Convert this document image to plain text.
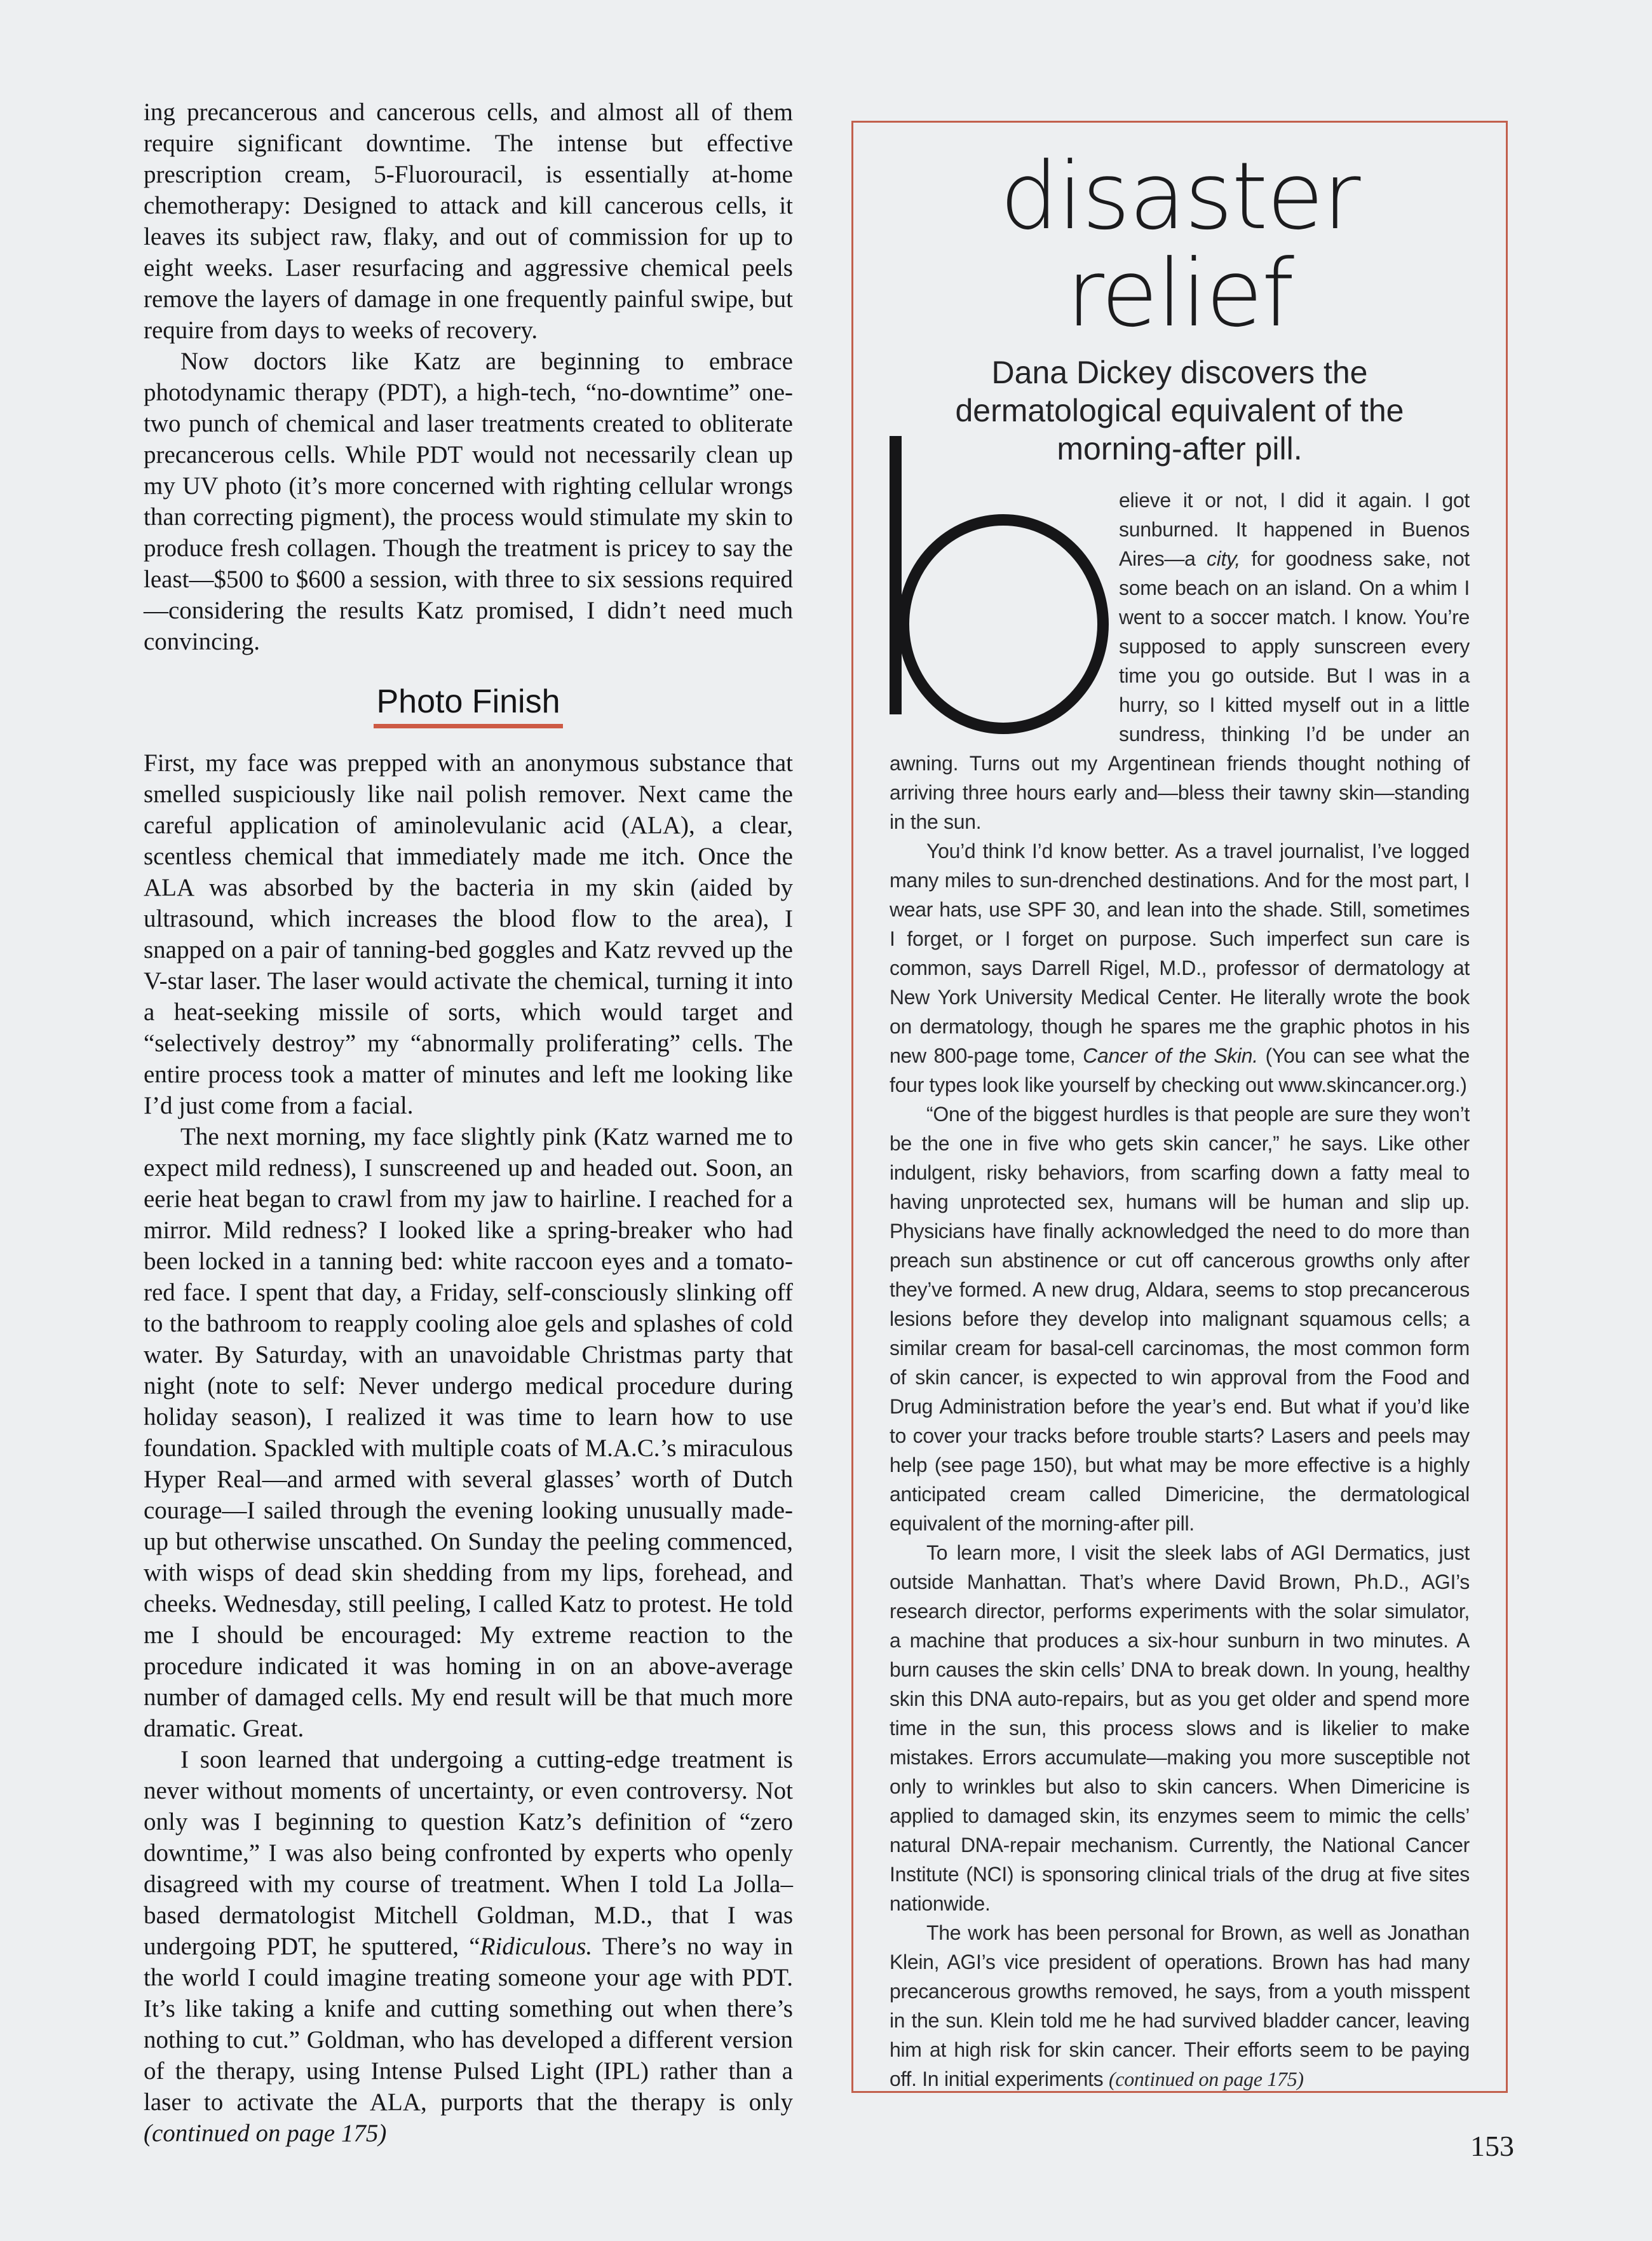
ing precancerous and cancerous cells, and almost all of them require significant downtime. The intense but effective prescription cream, 5-Fluorouracil, is essentially at-home chemotherapy: Designed to attack and kill cancerous cells, it leaves its subject raw, flaky, and out of commission for up to eight weeks. Laser resurfacing and aggressive chemical peels remove the layers of damage in one frequently painful swipe, but require from days to weeks of recovery.

Now doctors like Katz are beginning to embrace photodynamic therapy (PDT), a high-tech, “no-downtime” one-two punch of chemical and laser treatments created to obliterate precancerous cells. While PDT would not necessarily clean up my UV photo (it’s more concerned with righting cellular wrongs than correcting pigment), the process would stimulate my skin to produce fresh collagen. Though the treatment is pricey to say the least—$500 to $600 a session, with three to six sessions required—considering the results Katz promised, I didn’t need much convincing.

Photo Finish

First, my face was prepped with an anonymous substance that smelled suspiciously like nail polish remover. Next came the careful application of aminolevulanic acid (ALA), a clear, scentless chemical that immediately made me itch. Once the ALA was absorbed by the bacteria in my skin (aided by ultrasound, which increases the blood flow to the area), I snapped on a pair of tanning-bed goggles and Katz revved up the V-star laser. The laser would activate the chemical, turning it into a heat-seeking missile of sorts, which would target and “selectively destroy” my “abnormally proliferating” cells. The entire process took a matter of minutes and left me looking like I’d just come from a facial.

The next morning, my face slightly pink (Katz warned me to expect mild redness), I sunscreened up and headed out. Soon, an eerie heat began to crawl from my jaw to hairline. I reached for a mirror. Mild redness? I looked like a spring-breaker who had been locked in a tanning bed: white raccoon eyes and a tomato-red face. I spent that day, a Friday, self-consciously slinking off to the bathroom to reapply cooling aloe gels and splashes of cold water. By Saturday, with an unavoidable Christmas party that night (note to self: Never undergo medical procedure during holiday season), I realized it was time to learn how to use foundation. Spackled with multiple coats of M.A.C.’s miraculous Hyper Real—and armed with several glasses’ worth of Dutch courage—I sailed through the evening looking unusually made-up but otherwise unscathed. On Sunday the peeling commenced, with wisps of dead skin shedding from my lips, forehead, and cheeks. Wednesday, still peeling, I called Katz to protest. He told me I should be encouraged: My extreme reaction to the procedure indicated it was homing in on an above-average number of damaged cells. My end result will be that much more dramatic. Great.

I soon learned that undergoing a cutting-edge treatment is never without moments of uncertainty, or even controversy. Not only was I beginning to question Katz’s definition of “zero downtime,” I was also being confronted by experts who openly disagreed with my course of treatment. When I told La Jolla–based dermatologist Mitchell Goldman, M.D., that I was undergoing PDT, he sputtered, “Ridiculous. There’s no way in the world I could imagine treating someone your age with PDT. It’s like taking a knife and cutting something out when there’s nothing to cut.” Goldman, who has developed a different version of the therapy, using Intense Pulsed Light (IPL) rather than a laser to activate the ALA, purports that the therapy is only (continued on page 175)

disaster relief
Dana Dickey discovers the dermatological equivalent of the morning-after pill.

elieve it or not, I did it again. I got sunburned. It happened in Buenos Aires—a city, for goodness sake, not some beach on an island. On a whim I went to a soccer match. I know. You’re supposed to apply sunscreen every time you go outside. But I was in a hurry, so I kitted myself out in a little sundress, thinking I’d be under an awning. Turns out my Argentinean friends thought nothing of arriving three hours early and—bless their tawny skin—standing in the sun.

You’d think I’d know better. As a travel journalist, I’ve logged many miles to sun-drenched destinations. And for the most part, I wear hats, use SPF 30, and lean into the shade. Still, sometimes I forget, or I forget on purpose. Such imperfect sun care is common, says Darrell Rigel, M.D., professor of dermatology at New York University Medical Center. He literally wrote the book on dermatology, though he spares me the graphic photos in his new 800-page tome, Cancer of the Skin. (You can see what the four types look like yourself by checking out www.skincancer.org.)

“One of the biggest hurdles is that people are sure they won’t be the one in five who gets skin cancer,” he says. Like other indulgent, risky behaviors, from scarfing down a fatty meal to having unprotected sex, humans will be human and slip up. Physicians have finally acknowledged the need to do more than preach sun abstinence or cut off cancerous growths only after they’ve formed. A new drug, Aldara, seems to stop precancerous lesions before they develop into malignant squamous cells; a similar cream for basal-cell carcinomas, the most common form of skin cancer, is expected to win approval from the Food and Drug Administration before the year’s end. But what if you’d like to cover your tracks before trouble starts? Lasers and peels may help (see page 150), but what may be more effective is a highly anticipated cream called Dimericine, the dermatological equivalent of the morning-after pill.

To learn more, I visit the sleek labs of AGI Dermatics, just outside Manhattan. That’s where David Brown, Ph.D., AGI’s research director, performs experiments with the solar simulator, a machine that produces a six-hour sunburn in two minutes. A burn causes the skin cells’ DNA to break down. In young, healthy skin this DNA auto-repairs, but as you get older and spend more time in the sun, this process slows and is likelier to make mistakes. Errors accumulate—making you more susceptible not only to wrinkles but also to skin cancers. When Dimericine is applied to damaged skin, its enzymes seem to mimic the cells’ natural DNA-repair mechanism. Currently, the National Cancer Institute (NCI) is sponsoring clinical trials of the drug at five sites nationwide.

The work has been personal for Brown, as well as Jonathan Klein, AGI’s vice president of operations. Brown has had many precancerous growths removed, he says, from a youth misspent in the sun. Klein told me he had survived bladder cancer, leaving him at high risk for skin cancer. Their efforts seem to be paying off. In initial experiments (continued on page 175)

153
